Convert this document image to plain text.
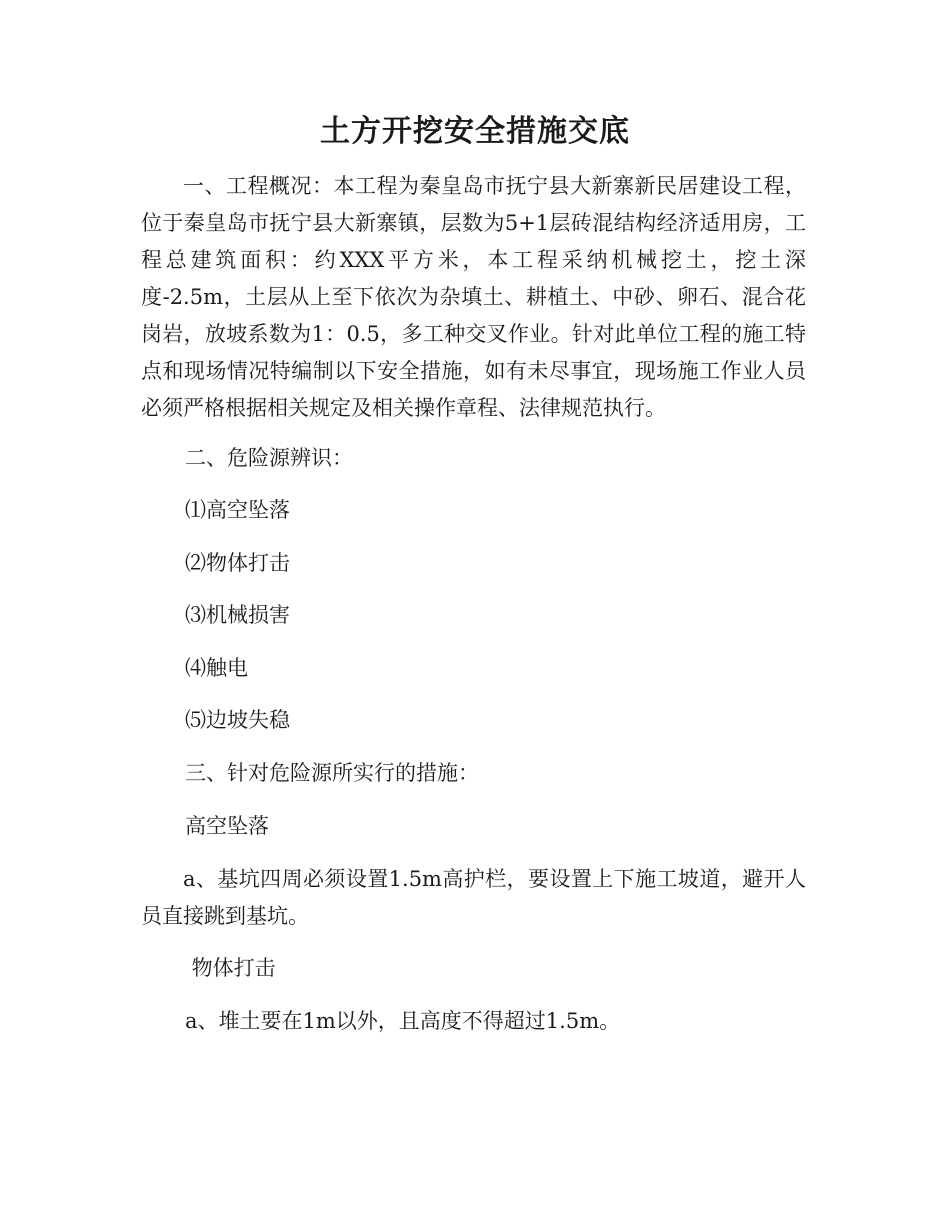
土方开挖安全措施交底

一、工程概况：本工程为秦皇岛市抚宁县大新寨新民居建设工程，位于秦皇岛市抚宁县大新寨镇，层数为5+1层砖混结构经济适用房，工程总建筑面积：约XXX平方米，本工程采纳机械挖土，挖土深度-2.5m，土层从上至下依次为杂填土、耕植土、中砂、卵石、混合花岗岩，放坡系数为1：0.5，多工种交叉作业。针对此单位工程的施工特点和现场情况特编制以下安全措施，如有未尽事宜，现场施工作业人员必须严格根据相关规定及相关操作章程、法律规范执行。

二、危险源辨识：
⑴高空坠落
⑵物体打击
⑶机械损害
⑷触电
⑸边坡失稳
三、针对危险源所实行的措施：
高空坠落

a、基坑四周必须设置1.5m高护栏，要设置上下施工坡道，避开人员直接跳到基坑。

物体打击
a、堆土要在1m以外，且高度不得超过1.5m。
